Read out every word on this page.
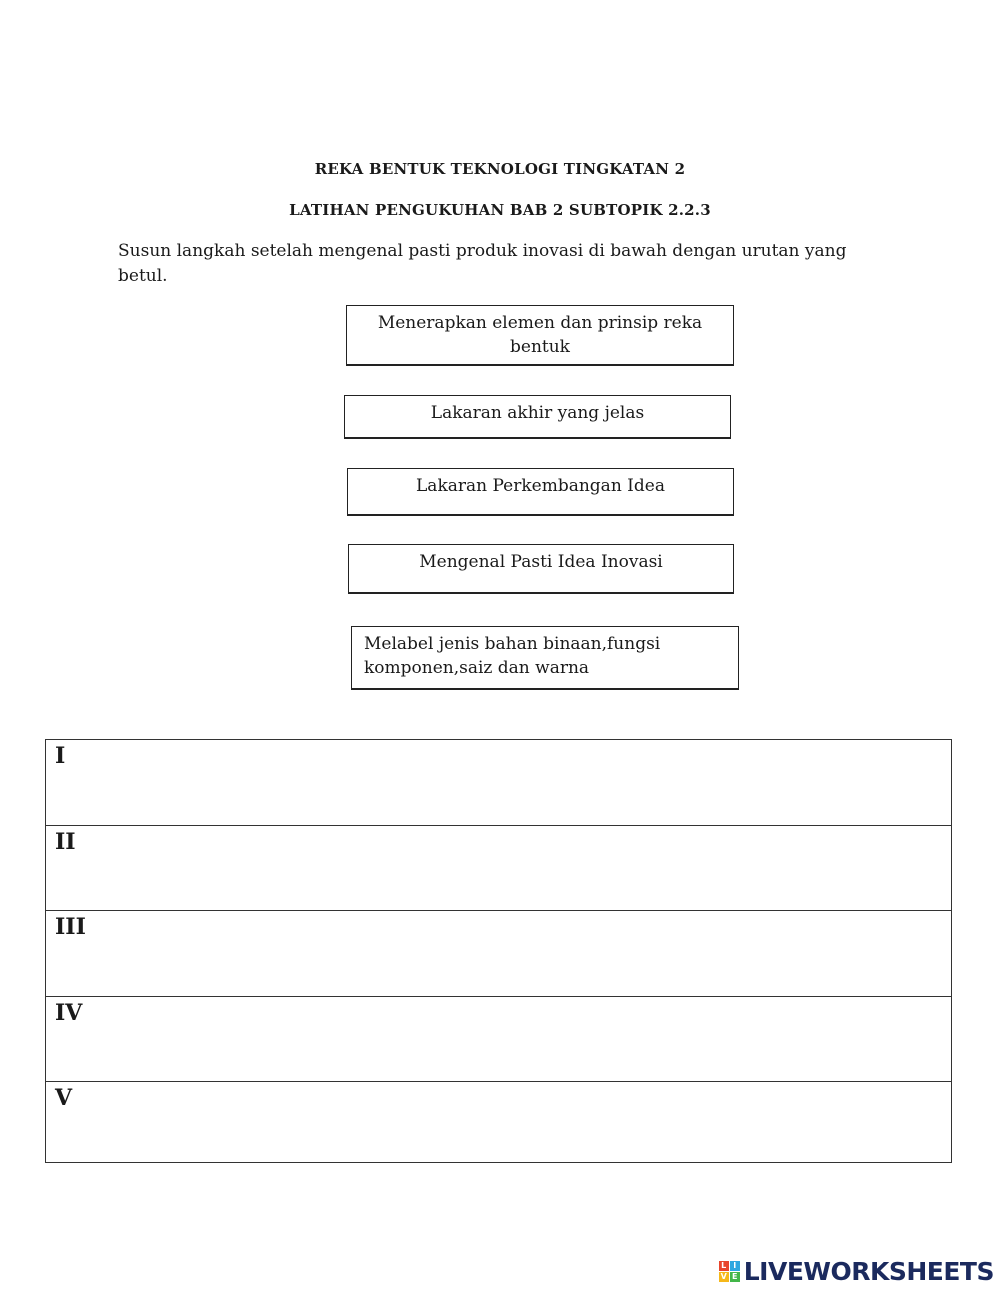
REKA BENTUK TEKNOLOGI TINGKATAN 2
LATIHAN PENGUKUHAN BAB 2 SUBTOPIK 2.2.3
Susun langkah setelah mengenal pasti produk inovasi di bawah dengan urutan yang betul.
Menerapkan elemen dan prinsip reka bentuk
Lakaran akhir yang jelas
Lakaran Perkembangan Idea
Mengenal Pasti Idea Inovasi
Melabel jenis bahan binaan,fungsi komponen,saiz dan warna
I
II
III
IV
V
L I
V E LIVEWORKSHEETS
